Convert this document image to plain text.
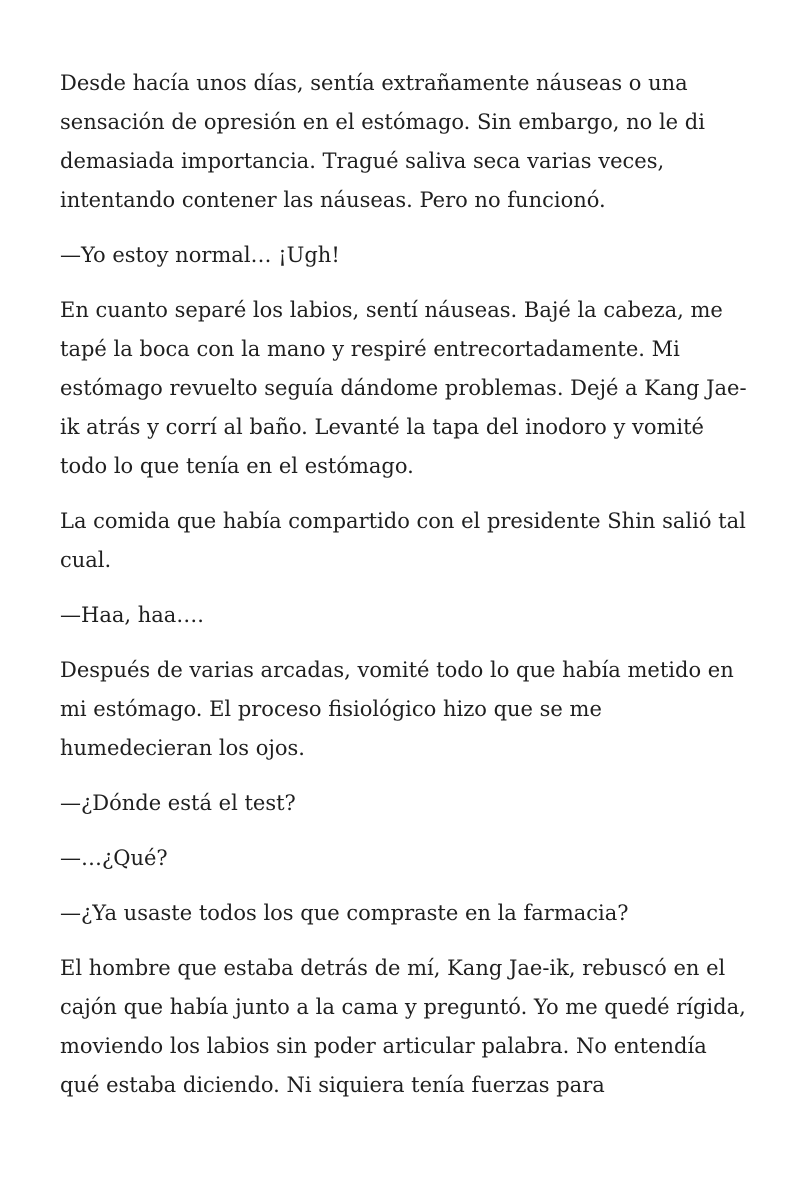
Desde hacía unos días, sentía extrañamente náuseas o una sensación de opresión en el estómago. Sin embargo, no le di demasiada importancia. Tragué saliva seca varias veces, intentando contener las náuseas. Pero no funcionó.

—Yo estoy normal… ¡Ugh!

En cuanto separé los labios, sentí náuseas. Bajé la cabeza, me tapé la boca con la mano y respiré entrecortadamente. Mi estómago revuelto seguía dándome problemas. Dejé a Kang Jae-ik atrás y corrí al baño. Levanté la tapa del inodoro y vomité todo lo que tenía en el estómago.

La comida que había compartido con el presidente Shin salió tal cual.

—Haa, haa….

Después de varias arcadas, vomité todo lo que había metido en mi estómago. El proceso fisiológico hizo que se me humedecieran los ojos.

—¿Dónde está el test?

—…¿Qué?

—¿Ya usaste todos los que compraste en la farmacia?

El hombre que estaba detrás de mí, Kang Jae-ik, rebuscó en el cajón que había junto a la cama y preguntó. Yo me quedé rígida, moviendo los labios sin poder articular palabra. No entendía qué estaba diciendo. Ni siquiera tenía fuerzas para
